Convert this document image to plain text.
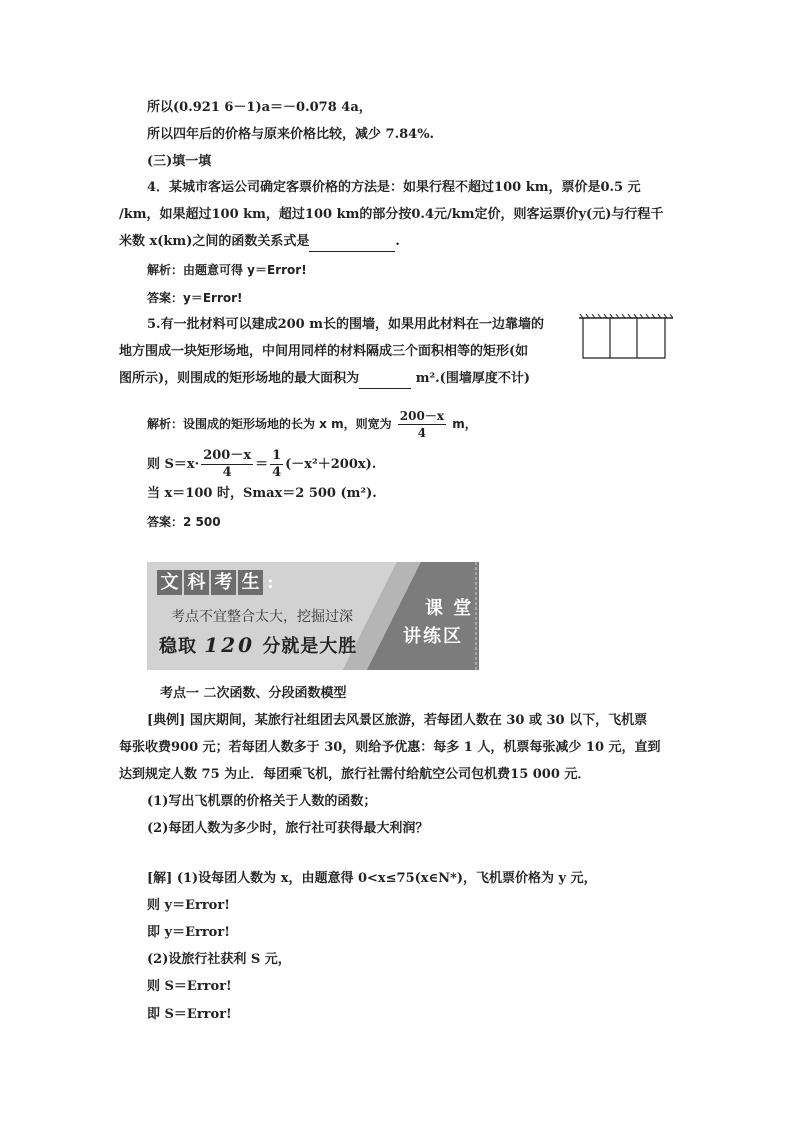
所以(0.921 6－1)a＝－0.078 4a，
所以四年后的价格与原来价格比较，减少 7.84%.
(三)填一填
4．某城市客运公司确定客票价格的方法是：如果行程不超过100 km，票价是0.5 元
/km，如果超过100 km，超过100 km的部分按0.4元/km定价，则客运票价y(元)与行程千
米数 x(km)之间的函数关系式是	.
解析：由题意可得 y＝Error!
答案：y＝Error!
5.有一批材料可以建成200 m长的围墙，如果用此材料在一边靠墙的
地方围成一块矩形场地，中间用同样的材料隔成三个面积相等的矩形(如
图所示)，则围成的矩形场地的最大面积为	m².(围墙厚度不计)
解析：设围成的矩形场地的长为 x m，则宽为 $\frac{200-x}{4}$ m，
则 $S=x\cdot \frac{200-x}{4} = \frac{1}{4} (-x^2+200x)$.
当 x＝100 时，Smax＝2 500 (m²).
答案：2 500
文 科 考 生 :
考点不宜整合太大，挖掘过深
稳取 120 分就是大胜
课 堂
讲练区
考点一 二次函数、分段函数模型
[典例] 国庆期间，某旅行社组团去风景区旅游，若每团人数在 30 或 30 以下，飞机票
每张收费900 元；若每团人数多于 30，则给予优惠：每多 1 人，机票每张减少 10 元，直到
达到规定人数 75 为止．每团乘飞机，旅行社需付给航空公司包机费15 000 元．
(1)写出飞机票的价格关于人数的函数；
(2)每团人数为多少时，旅行社可获得最大利润？
[解] (1)设每团人数为 x，由题意得 0<x≤75(x∈N*)，飞机票价格为 y 元，
则 y＝Error!
即 y＝Error!
(2)设旅行社获利 S 元，
则 S＝Error!
即 S＝Error!
